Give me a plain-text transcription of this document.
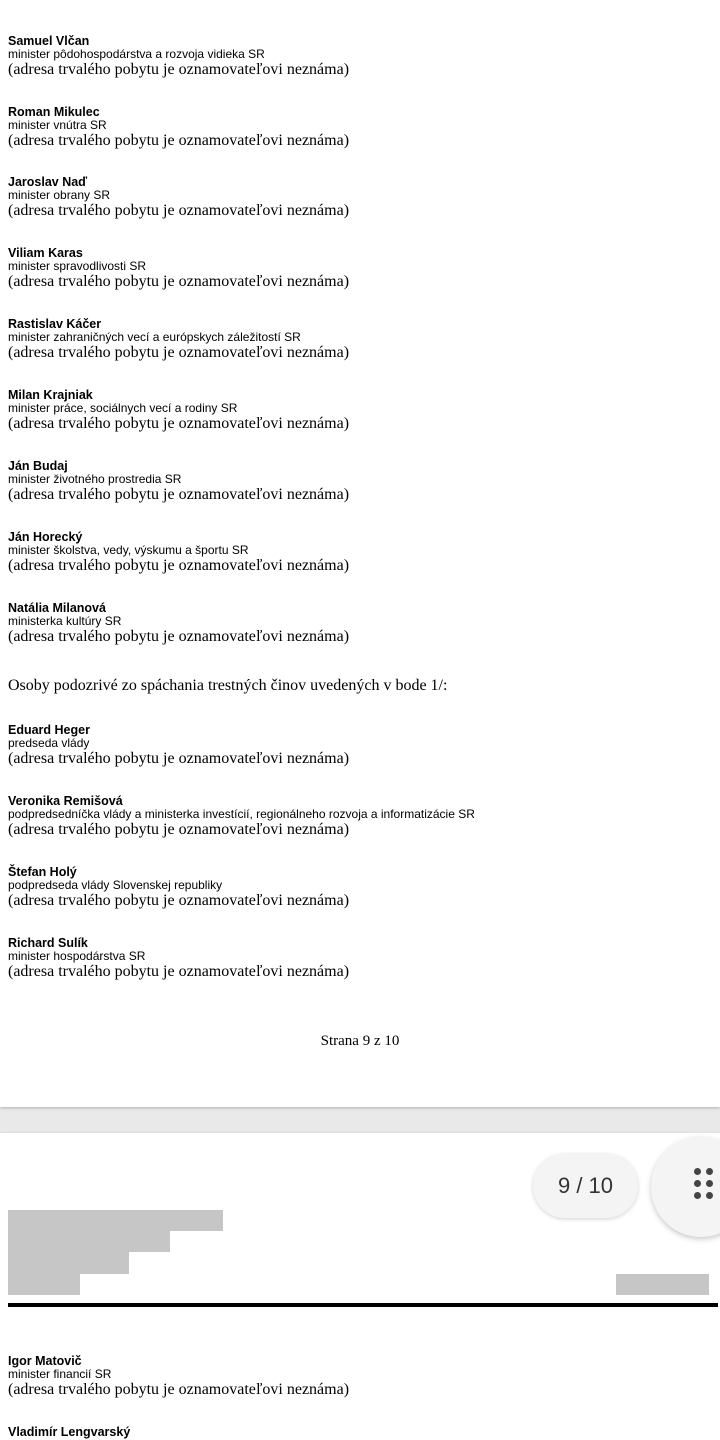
Samuel Vlčan
minister pôdohospodárstva a rozvoja vidieka SR
(adresa trvalého pobytu je oznamovateľovi neznáma)
Roman Mikulec
minister vnútra SR
(adresa trvalého pobytu je oznamovateľovi neznáma)
Jaroslav Naď
minister obrany SR
(adresa trvalého pobytu je oznamovateľovi neznáma)
Viliam Karas
minister spravodlivosti SR
(adresa trvalého pobytu je oznamovateľovi neznáma)
Rastislav Káčer
minister zahraničných vecí a európskych záležitostí SR
(adresa trvalého pobytu je oznamovateľovi neznáma)
Milan Krajniak
minister práce, sociálnych vecí a rodiny SR
(adresa trvalého pobytu je oznamovateľovi neznáma)
Ján Budaj
minister životného prostredia SR
(adresa trvalého pobytu je oznamovateľovi neznáma)
Ján Horecký
minister školstva, vedy, výskumu a športu SR
(adresa trvalého pobytu je oznamovateľovi neznáma)
Natália Milanová
ministerka kultúry SR
(adresa trvalého pobytu je oznamovateľovi neznáma)
Osoby podozrivé zo spáchania trestných činov uvedených v bode 1/:
Eduard Heger
predseda vlády
(adresa trvalého pobytu je oznamovateľovi neznáma)
Veronika Remišová
podpredsedníčka vlády a ministerka investícií, regionálneho rozvoja a informatizácie SR
(adresa trvalého pobytu je oznamovateľovi neznáma)
Štefan Holý
podpredseda vlády Slovenskej republiky
(adresa trvalého pobytu je oznamovateľovi neznáma)
Richard Sulík
minister hospodárstva SR
(adresa trvalého pobytu je oznamovateľovi neznáma)
Strana 9 z 10
Igor Matovič
minister financií SR
(adresa trvalého pobytu je oznamovateľovi neznáma)
Vladimír Lengvarský
9 / 10
